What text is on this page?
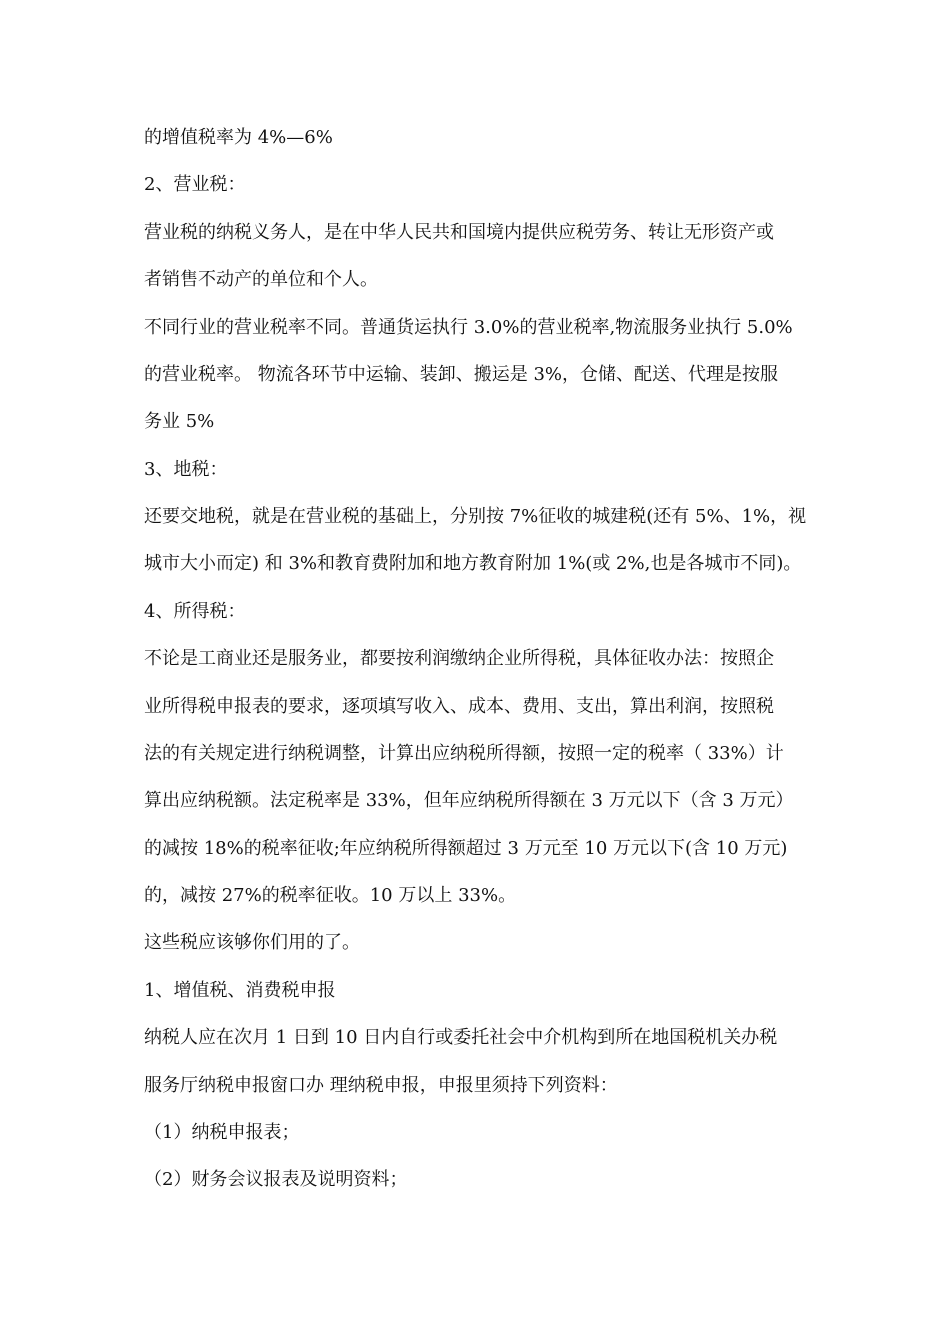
的增值税率为 4%—6%
2、营业税：
营业税的纳税义务人，是在中华人民共和国境内提供应税劳务、转让无形资产或
者销售不动产的单位和个人。
不同行业的营业税率不同。普通货运执行 3.0%的营业税率,物流服务业执行 5.0%
的营业税率。 物流各环节中运输、装卸、搬运是 3%，仓储、配送、代理是按服
务业 5%
3、地税：
还要交地税，就是在营业税的基础上，分别按 7%征收的城建税(还有 5%、1%，视
城市大小而定) 和 3%和教育费附加和地方教育附加 1%(或 2%,也是各城市不同)。
4、所得税：
不论是工商业还是服务业，都要按利润缴纳企业所得税，具体征收办法：按照企
业所得税申报表的要求，逐项填写收入、成本、费用、支出，算出利润，按照税
法的有关规定进行纳税调整，计算出应纳税所得额，按照一定的税率（ 33%）计
算出应纳税额。法定税率是 33%，但年应纳税所得额在 3 万元以下（含 3 万元）
的减按 18%的税率征收;年应纳税所得额超过 3 万元至 10 万元以下(含 10 万元)
的，减按 27%的税率征收。10 万以上 33%。
这些税应该够你们用的了。
1、增值税、消费税申报
纳税人应在次月 1 日到 10 日内自行或委托社会中介机构到所在地国税机关办税
服务厅纳税申报窗口办 理纳税申报，申报里须持下列资料：
（1）纳税申报表；
（2）财务会议报表及说明资料；
